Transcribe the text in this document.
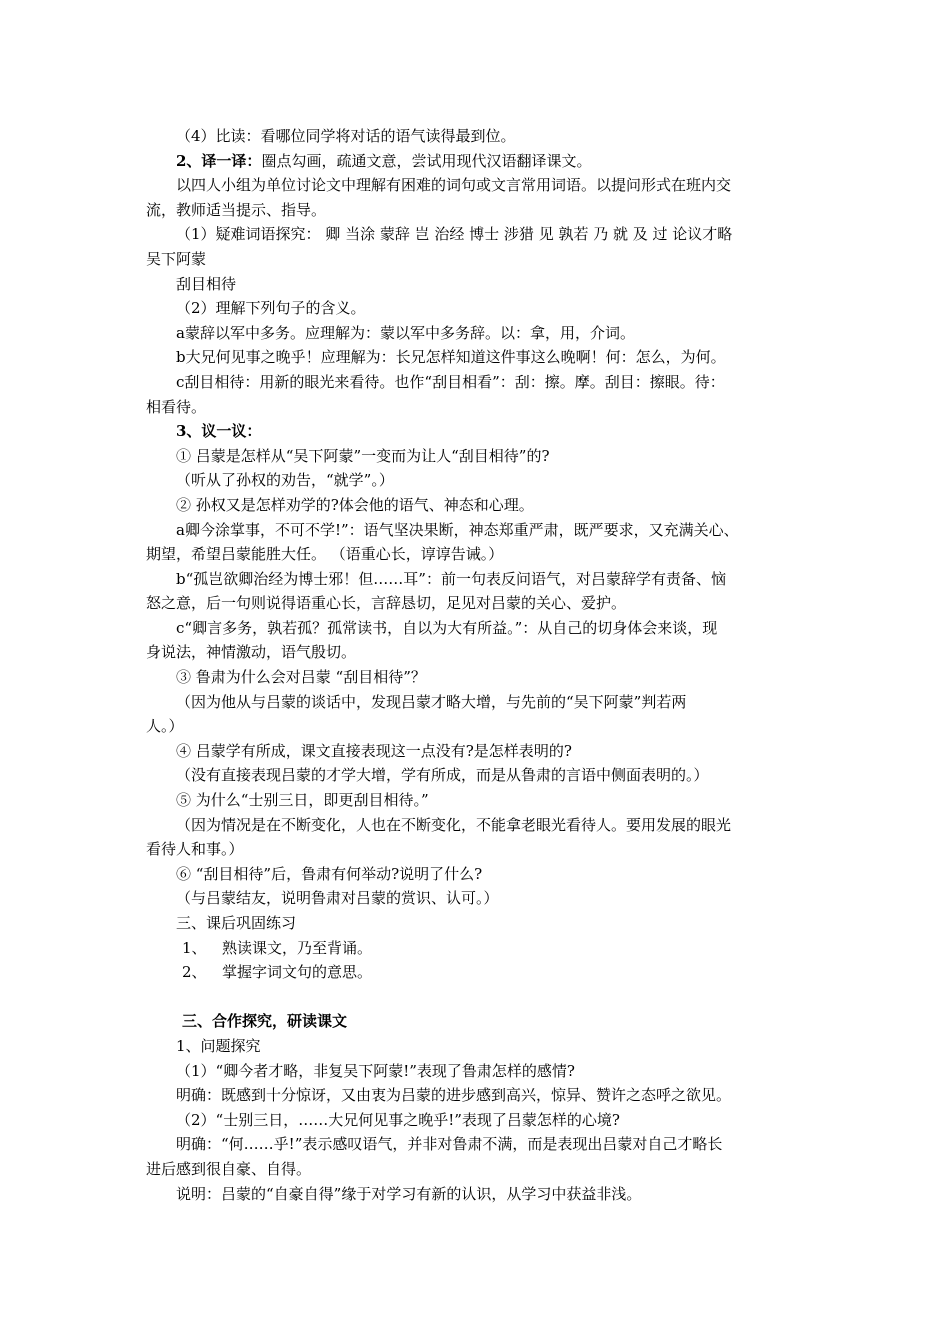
（4）比读：看哪位同学将对话的语气读得最到位。
2、译一译：圈点勾画，疏通文意，尝试用现代汉语翻译课文。
以四人小组为单位讨论文中理解有困难的词句或文言常用词语。以提问形式在班内交
流，教师适当提示、指导。
（1）疑难词语探究： 卿 当涂 蒙辞 岂 治经 博士 涉猎 见 孰若 乃 就 及 过 论议才略
吴下阿蒙
刮目相待
（2）理解下列句子的含义。
a蒙辞以军中多务。应理解为：蒙以军中多务辞。以：拿，用，介词。
b大兄何见事之晚乎！应理解为：长兄怎样知道这件事这么晚啊！何：怎么，为何。
c刮目相待：用新的眼光来看待。也作“刮目相看”：刮：擦。摩。刮目：擦眼。待：
相看待。
3、议一议：
① 吕蒙是怎样从“吴下阿蒙”一变而为让人“刮目相待”的?
（听从了孙权的劝告，“就学”。）
② 孙权又是怎样劝学的?体会他的语气、神态和心理。
a卿今涂掌事，不可不学!”：语气坚决果断，神态郑重严肃，既严要求，又充满关心、
期望，希望吕蒙能胜大任。 （语重心长，谆谆告诫。）
b“孤岂欲卿治经为博士邪！但……耳”：前一句表反问语气，对吕蒙辞学有责备、恼
怒之意，后一句则说得语重心长，言辞恳切，足见对吕蒙的关心、爱护。
c“卿言多务，孰若孤？孤常读书，自以为大有所益。”：从自己的切身体会来谈，现
身说法，神情激动，语气殷切。
③ 鲁肃为什么会对吕蒙 “刮目相待”？
（因为他从与吕蒙的谈话中，发现吕蒙才略大增，与先前的“吴下阿蒙”判若两
人。）
④ 吕蒙学有所成，课文直接表现这一点没有?是怎样表明的?
（没有直接表现吕蒙的才学大增，学有所成，而是从鲁肃的言语中侧面表明的。）
⑤ 为什么“士别三日，即更刮目相待。”
（因为情况是在不断变化，人也在不断变化，不能拿老眼光看待人。要用发展的眼光
看待人和事。）
⑥ “刮目相待”后，鲁肃有何举动?说明了什么?
（与吕蒙结友，说明鲁肃对吕蒙的赏识、认可。）
三、课后巩固练习
1、 熟读课文，乃至背诵。
2、 掌握字词文句的意思。
三、合作探究，研读课文
1、问题探究
（1）“卿今者才略，非复吴下阿蒙!”表现了鲁肃怎样的感情?
明确：既感到十分惊讶，又由衷为吕蒙的进步感到高兴，惊异、赞许之态呼之欲见。
（2）“士别三日，……大兄何见事之晚乎!”表现了吕蒙怎样的心境?
明确：“何……乎!”表示感叹语气，并非对鲁肃不满，而是表现出吕蒙对自己才略长
进后感到很自豪、自得。
说明：吕蒙的“自豪自得”缘于对学习有新的认识，从学习中获益非浅。
